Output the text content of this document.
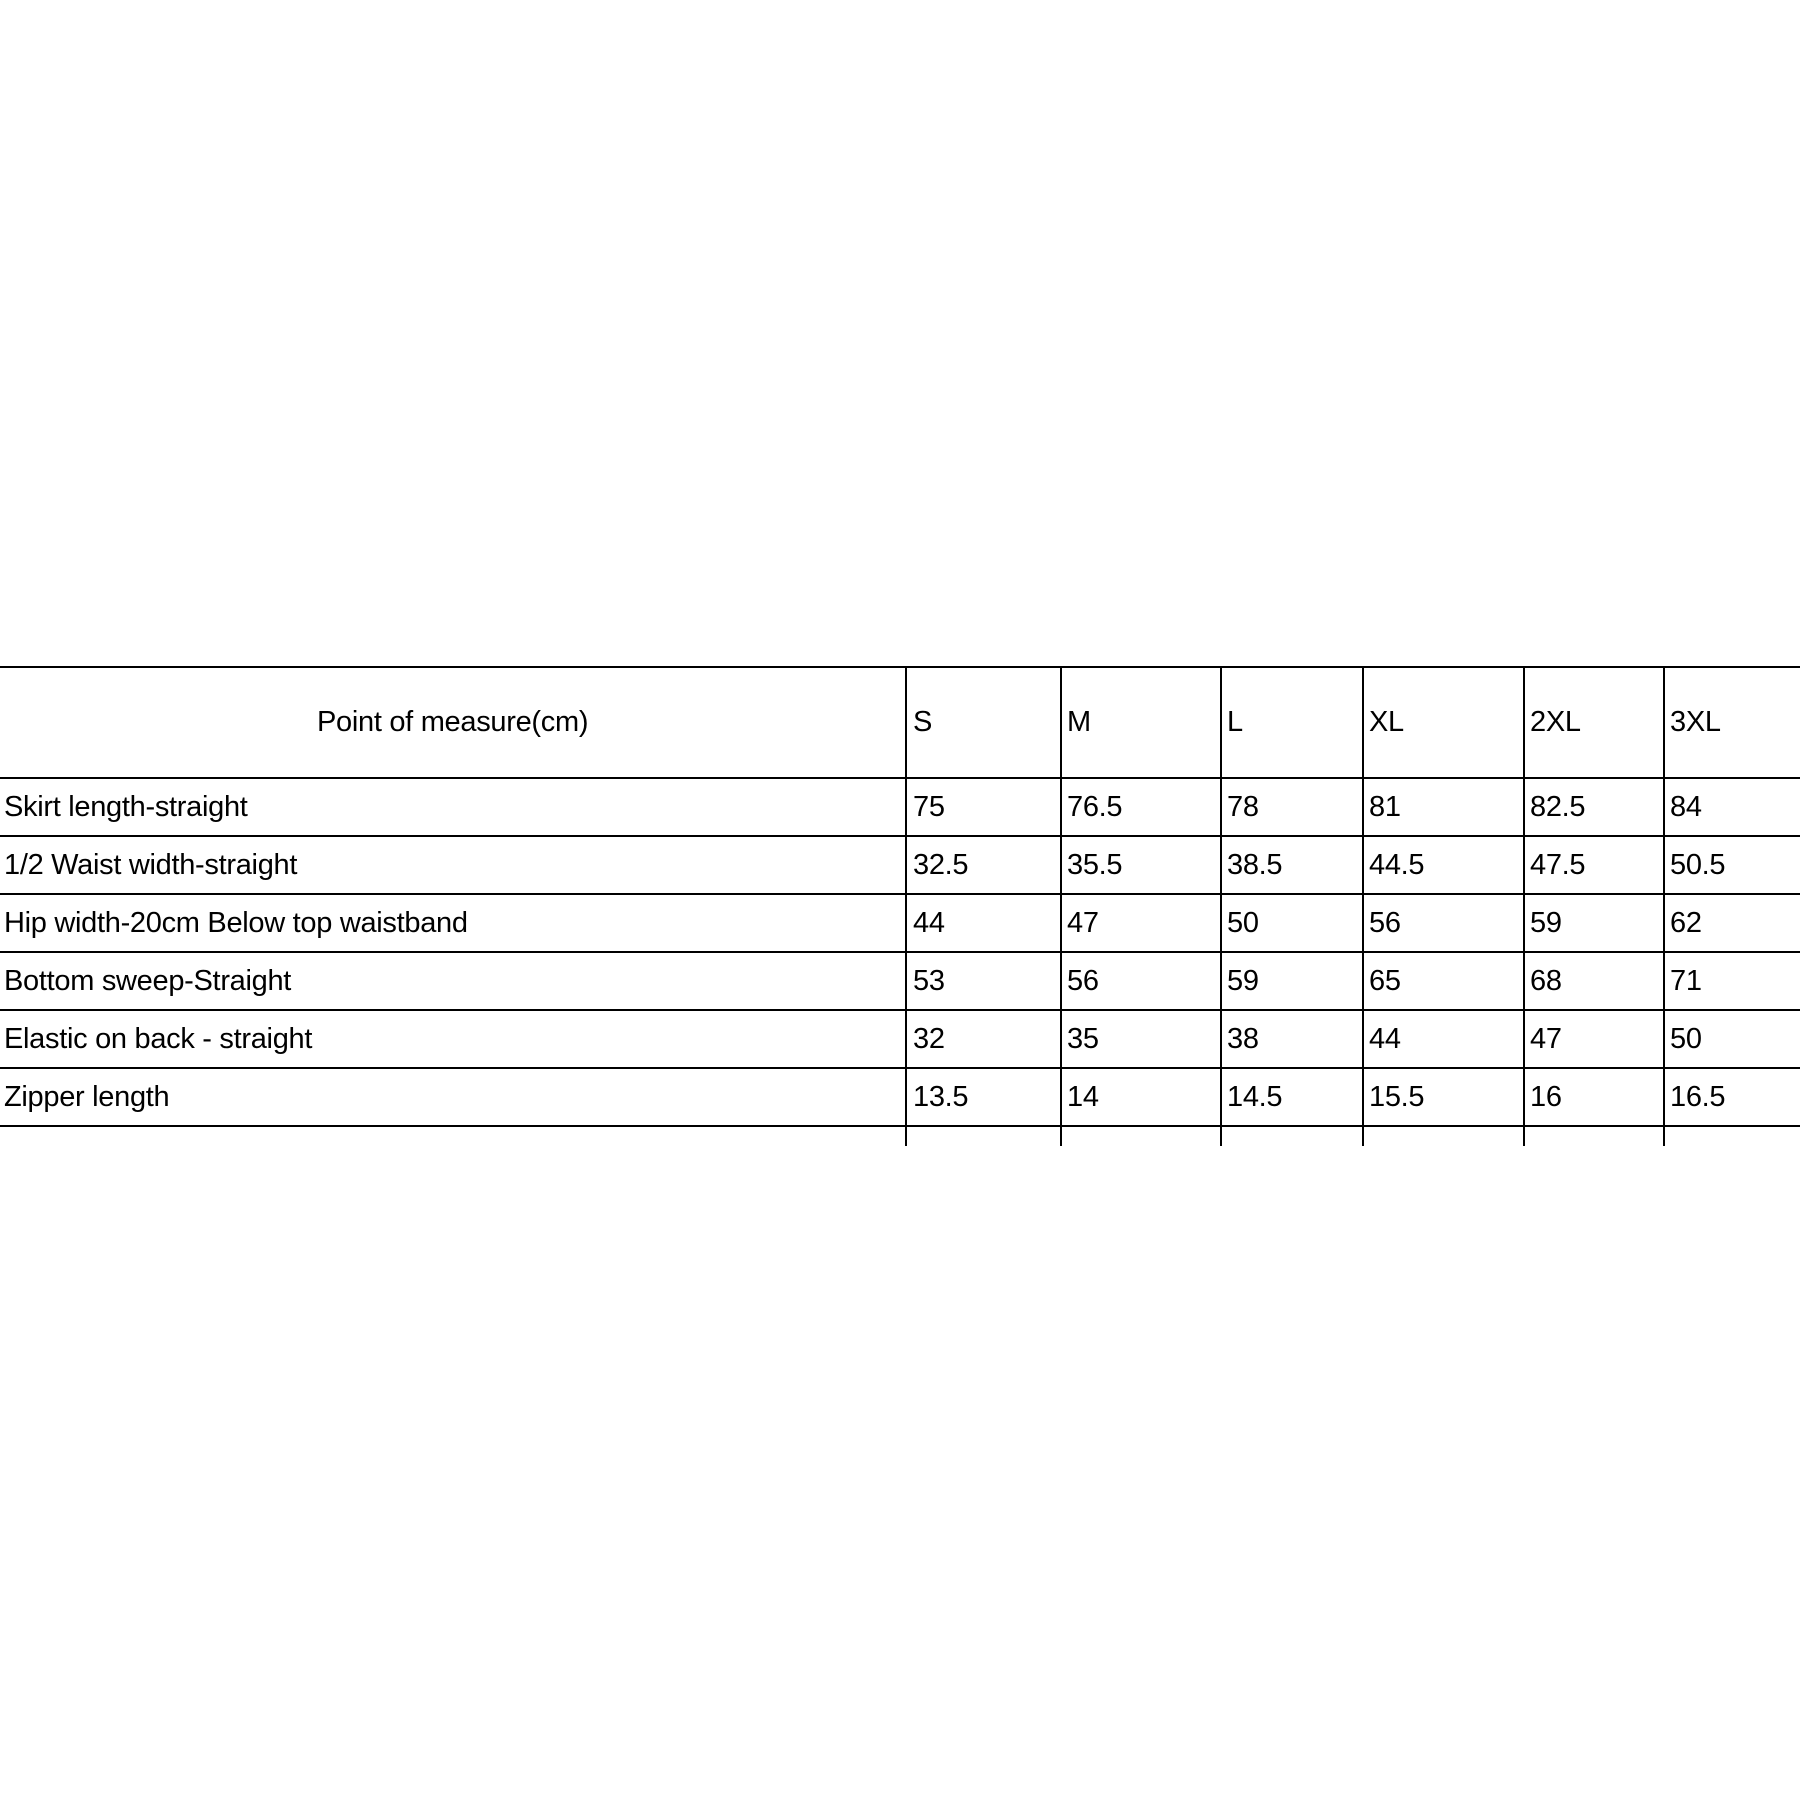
Point of measure(cm)	S	M	L	XL	2XL	3XL
Skirt length-straight	75	76.5	78	81	82.5	84
1/2 Waist width-straight	32.5	35.5	38.5	44.5	47.5	50.5
Hip width-20cm Below top waistband	44	47	50	56	59	62
Bottom sweep-Straight	53	56	59	65	68	71
Elastic on back - straight	32	35	38	44	47	50
Zipper length	13.5	14	14.5	15.5	16	16.5
